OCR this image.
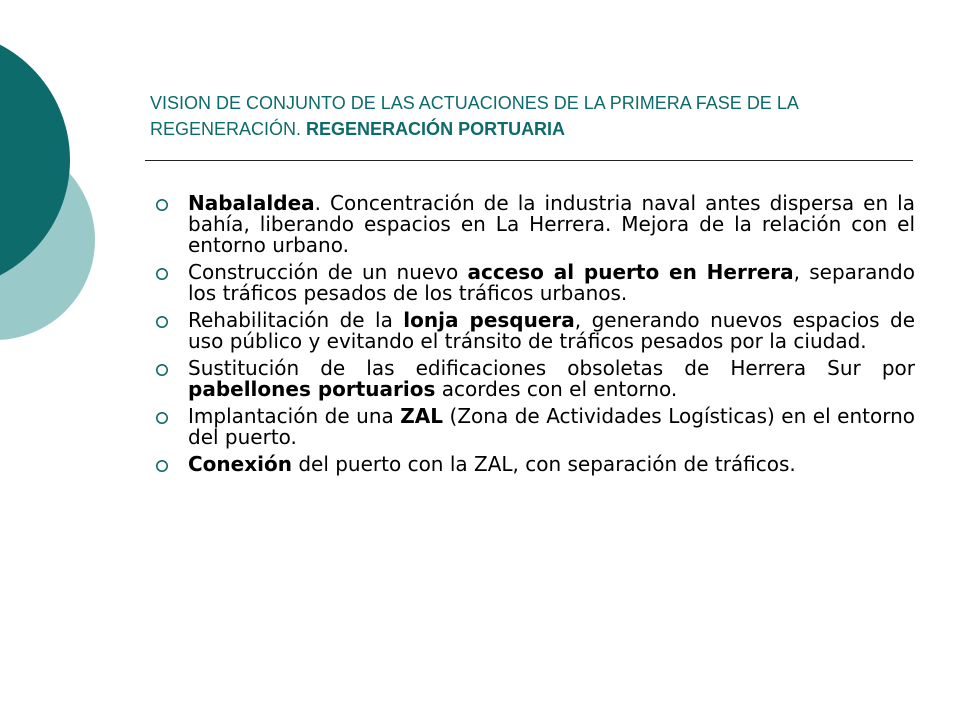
VISION DE CONJUNTO DE LAS ACTUACIONES DE LA PRIMERA FASE DE LA REGENERACIÓN. REGENERACIÓN PORTUARIA
Nabalaldea. Concentración de la industria naval antes dispersa en la bahía, liberando espacios en La Herrera. Mejora de la relación con el entorno urbano.
Construcción de un nuevo acceso al puerto en Herrera, separando los tráficos pesados de los tráficos urbanos.
Rehabilitación de la lonja pesquera, generando nuevos espacios de uso público y evitando el tránsito de tráficos pesados por la ciudad.
Sustitución de las edificaciones obsoletas de Herrera Sur por pabellones portuarios acordes con el entorno.
Implantación de una ZAL (Zona de Actividades Logísticas) en el entorno del puerto.
Conexión del puerto con la ZAL, con separación de tráficos.
